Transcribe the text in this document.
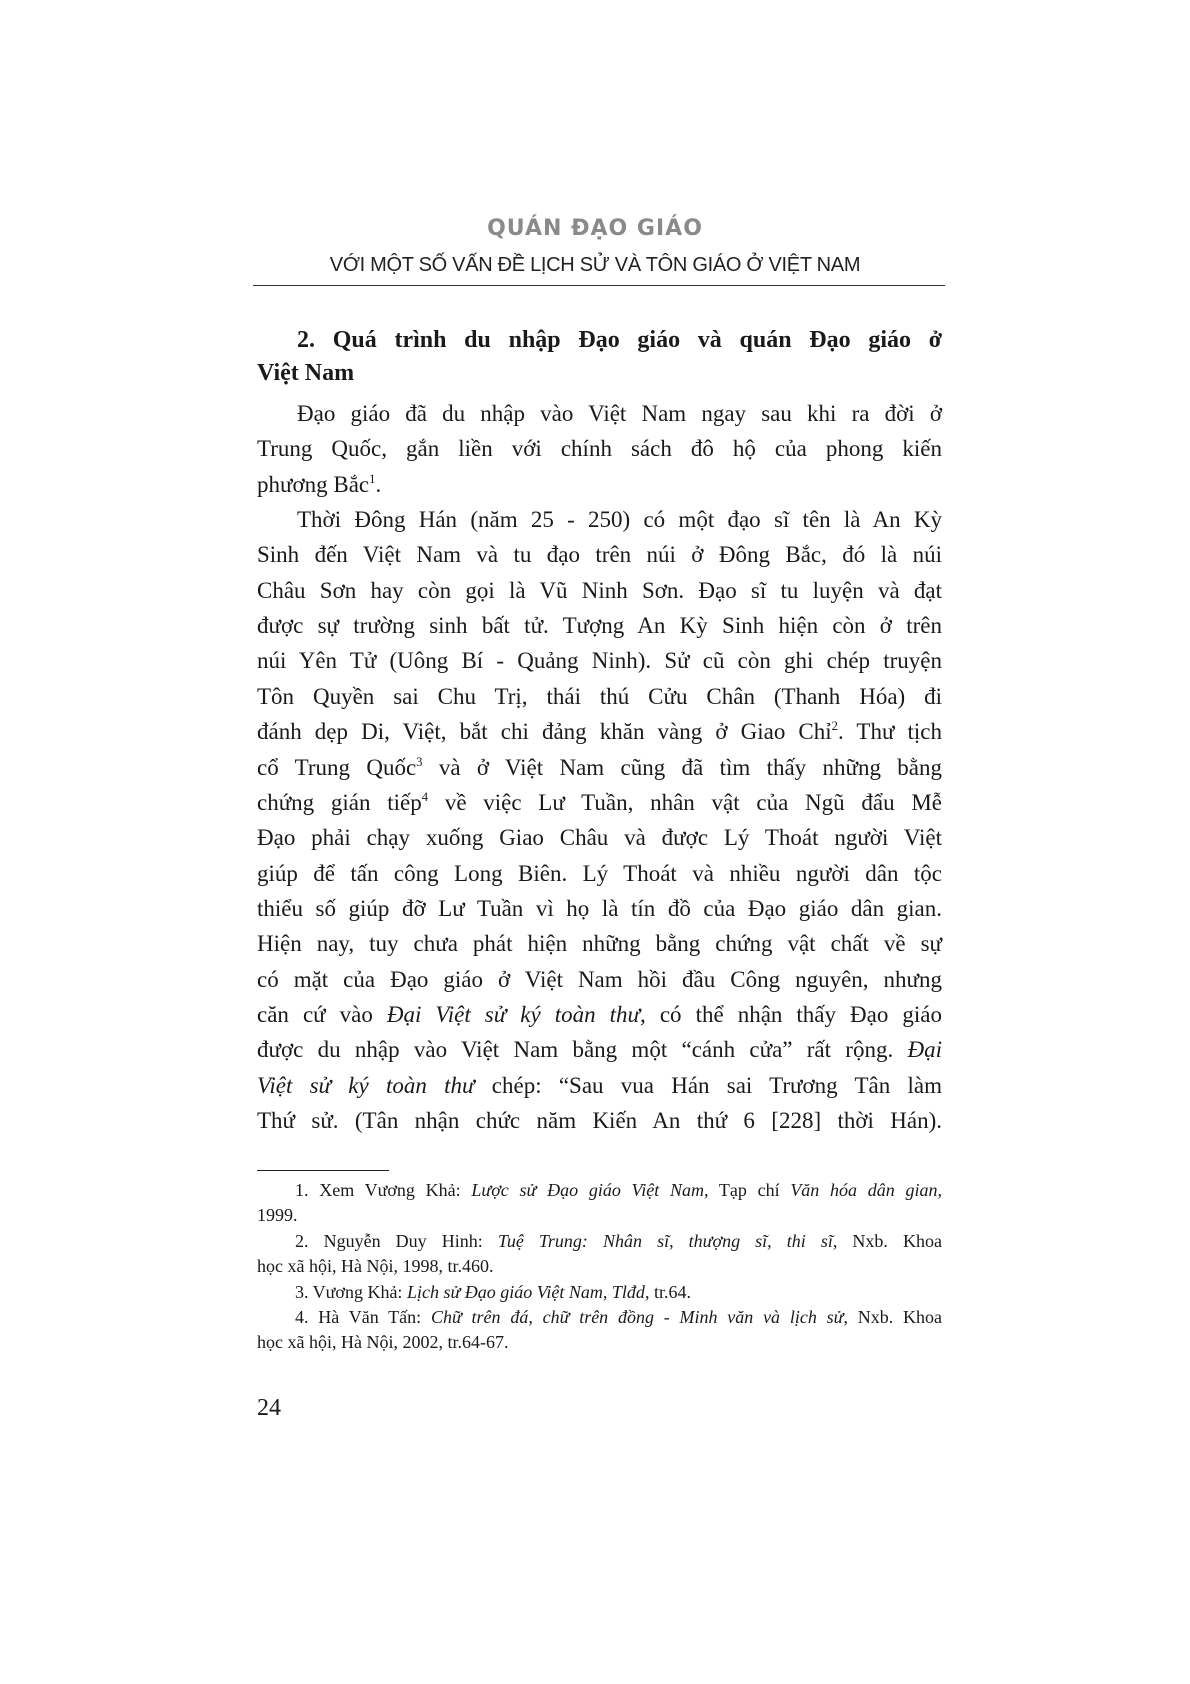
QUÁN ĐẠO GIÁO
VỚI MỘT SỐ VẤN ĐỀ LỊCH SỬ VÀ TÔN GIÁO Ở VIỆT NAM
2. Quá trình du nhập Đạo giáo và quán Đạo giáo ở
Việt Nam
Đạo giáo đã du nhập vào Việt Nam ngay sau khi ra đời ở
Trung Quốc, gắn liền với chính sách đô hộ của phong kiến
phương Bắc$^1$.
Thời Đông Hán (năm 25 - 250) có một đạo sĩ tên là An Kỳ
Sinh đến Việt Nam và tu đạo trên núi ở Đông Bắc, đó là núi
Châu Sơn hay còn gọi là Vũ Ninh Sơn. Đạo sĩ tu luyện và đạt
được sự trường sinh bất tử. Tượng An Kỳ Sinh hiện còn ở trên
núi Yên Tử (Uông Bí - Quảng Ninh). Sử cũ còn ghi chép truyện
Tôn Quyền sai Chu Trị, thái thú Cửu Chân (Thanh Hóa) đi
đánh dẹp Di, Việt, bắt chi đảng khăn vàng ở Giao Chỉ$^2$. Thư tịch
cổ Trung Quốc$^3$ và ở Việt Nam cũng đã tìm thấy những bằng
chứng gián tiếp$^4$ về việc Lư Tuần, nhân vật của Ngũ đẩu Mễ
Đạo phải chạy xuống Giao Châu và được Lý Thoát người Việt
giúp để tấn công Long Biên. Lý Thoát và nhiều người dân tộc
thiểu số giúp đỡ Lư Tuần vì họ là tín đồ của Đạo giáo dân gian.
Hiện nay, tuy chưa phát hiện những bằng chứng vật chất về sự
có mặt của Đạo giáo ở Việt Nam hồi đầu Công nguyên, nhưng
căn cứ vào Đại Việt sử ký toàn thư, có thể nhận thấy Đạo giáo
được du nhập vào Việt Nam bằng một “cánh cửa” rất rộng. Đại
Việt sử ký toàn thư chép: “Sau vua Hán sai Trương Tân làm
Thứ sử. (Tân nhận chức năm Kiến An thứ 6 [228] thời Hán).
1. Xem Vương Khả: Lược sử Đạo giáo Việt Nam, Tạp chí Văn hóa dân gian,
1999.
2. Nguyễn Duy Hinh: Tuệ Trung: Nhân sĩ, thượng sĩ, thi sĩ, Nxb. Khoa
học xã hội, Hà Nội, 1998, tr.460.
3. Vương Khả: Lịch sử Đạo giáo Việt Nam, Tlđd, tr.64.
4. Hà Văn Tấn: Chữ trên đá, chữ trên đồng - Minh văn và lịch sử, Nxb. Khoa
học xã hội, Hà Nội, 2002, tr.64-67.
24
